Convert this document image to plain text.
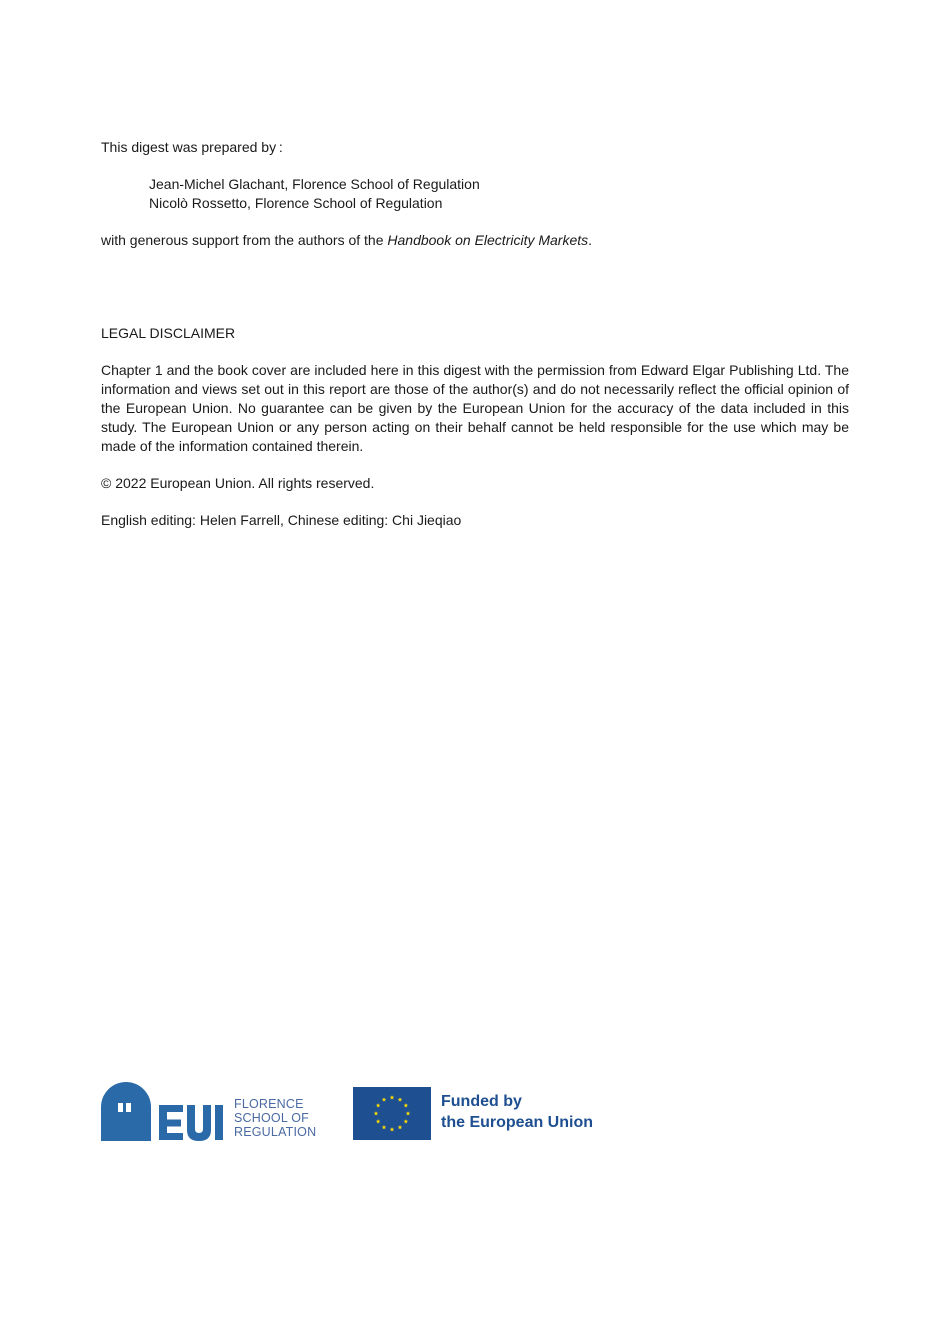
This digest was prepared by :

Jean-Michel Glachant, Florence School of Regulation
Nicolò Rossetto, Florence School of Regulation

with generous support from the authors of the Handbook on Electricity Markets.

LEGAL DISCLAIMER

Chapter 1 and the book cover are included here in this digest with the permission from Edward Elgar Publishing Ltd. The information and views set out in this report are those of the author(s) and do not necessarily reflect the official opinion of the European Union. No guarantee can be given by the European Union for the accuracy of the data included in this study. The European Union or any person acting on their behalf cannot be held responsible for the use which may be made of the information contained therein.

© 2022 European Union. All rights reserved.

English editing: Helen Farrell, Chinese editing: Chi Jieqiao

FLORENCE
SCHOOL OF
REGULATION
Funded by
the European Union
